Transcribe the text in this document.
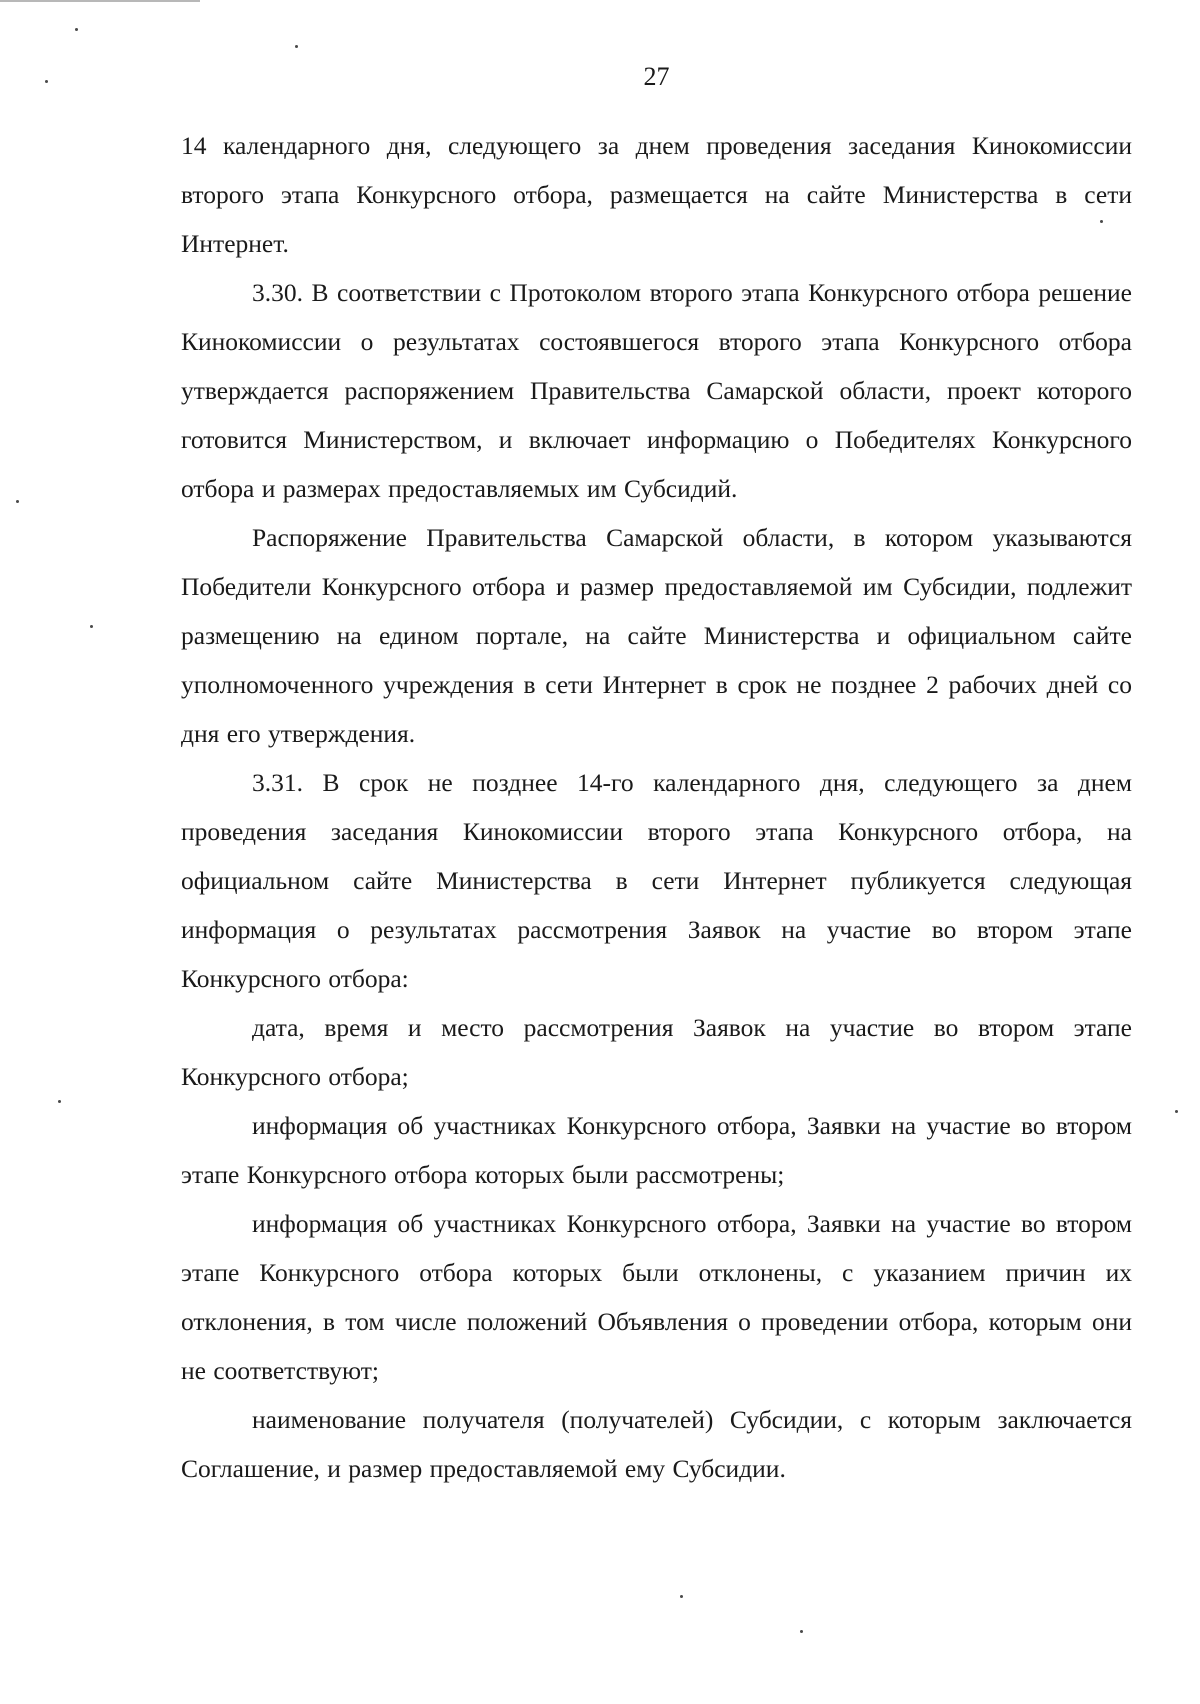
27

14 календарного дня, следующего за днем проведения заседания Кинокомиссии второго этапа Конкурсного отбора, размещается на сайте Министерства в сети Интернет.

3.30. В соответствии с Протоколом второго этапа Конкурсного отбора решение Кинокомиссии о результатах состоявшегося второго этапа Конкурсного отбора утверждается распоряжением Правительства Самарской области, проект которого готовится Министерством, и включает информацию о Победителях Конкурсного отбора и размерах предоставляемых им Субсидий.

Распоряжение Правительства Самарской области, в котором указываются Победители Конкурсного отбора и размер предоставляемой им Субсидии, подлежит размещению на едином портале, на сайте Министерства и официальном сайте уполномоченного учреждения в сети Интернет в срок не позднее 2 рабочих дней со дня его утверждения.

3.31. В срок не позднее 14-го календарного дня, следующего за днем проведения заседания Кинокомиссии второго этапа Конкурсного отбора, на официальном сайте Министерства в сети Интернет публикуется следующая информация о результатах рассмотрения Заявок на участие во втором этапе Конкурсного отбора:

дата, время и место рассмотрения Заявок на участие во втором этапе Конкурсного отбора;

информация об участниках Конкурсного отбора, Заявки на участие во втором этапе Конкурсного отбора которых были рассмотрены;

информация об участниках Конкурсного отбора, Заявки на участие во втором этапе Конкурсного отбора которых были отклонены, с указанием причин их отклонения, в том числе положений Объявления о проведении отбора, которым они не соответствуют;

наименование получателя (получателей) Субсидии, с которым заключается Соглашение, и размер предоставляемой ему Субсидии.
